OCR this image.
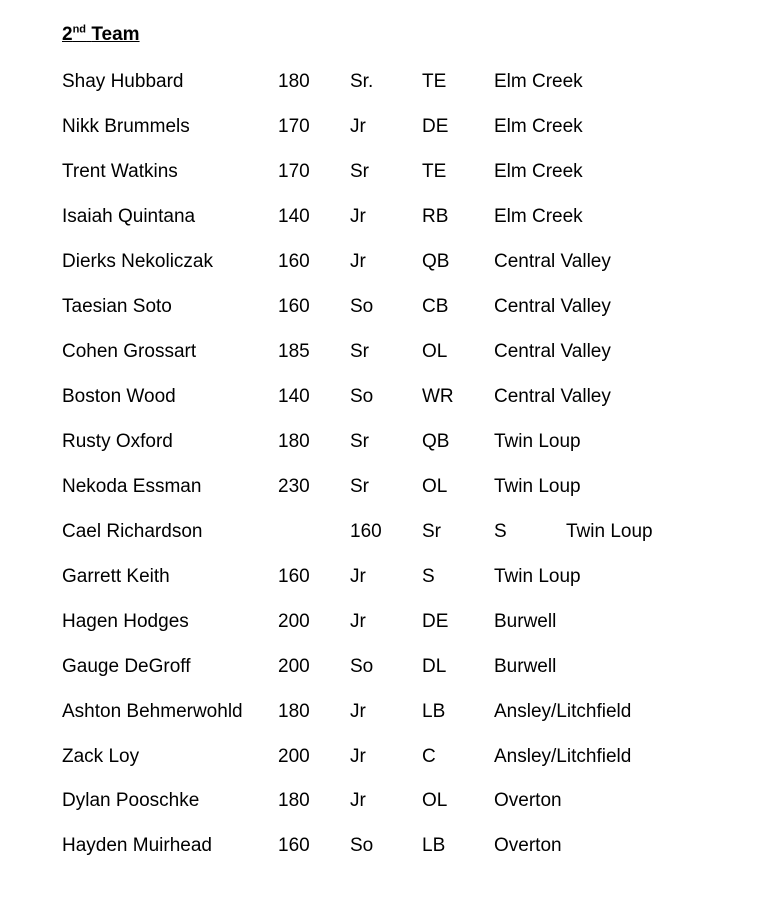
2nd Team
Shay Hubbard	180 Sr.	TE	Elm Creek
Nikk Brummels	170 Jr	DE Elm Creek
Trent Watkins	170 Sr	TE	Elm Creek
Isaiah Quintana	140 Jr	RB Elm Creek
Dierks Nekoliczak	160 Jr	QB Central Valley
Taesian Soto	160 So	CB Central Valley
Cohen Grossart	185 Sr	OL Central Valley
Boston Wood	140 So	WR Central Valley
Rusty Oxford	180 Sr	QB Twin Loup
Nekoda Essman	230 Sr	OL Twin Loup
Cael Richardson	160 Sr	S	Twin Loup
Garrett Keith	160 Jr	S	Twin Loup
Hagen Hodges	200 Jr	DE Burwell
Gauge DeGroff	200 So	DL	Burwell
Ashton Behmerwohld 180 Jr	LB	Ansley/Litchfield
Zack Loy	200 Jr	C	Ansley/Litchfield
Dylan Pooschke	180 Jr	OL Overton
Hayden Muirhead	160 So	LB	Overton
